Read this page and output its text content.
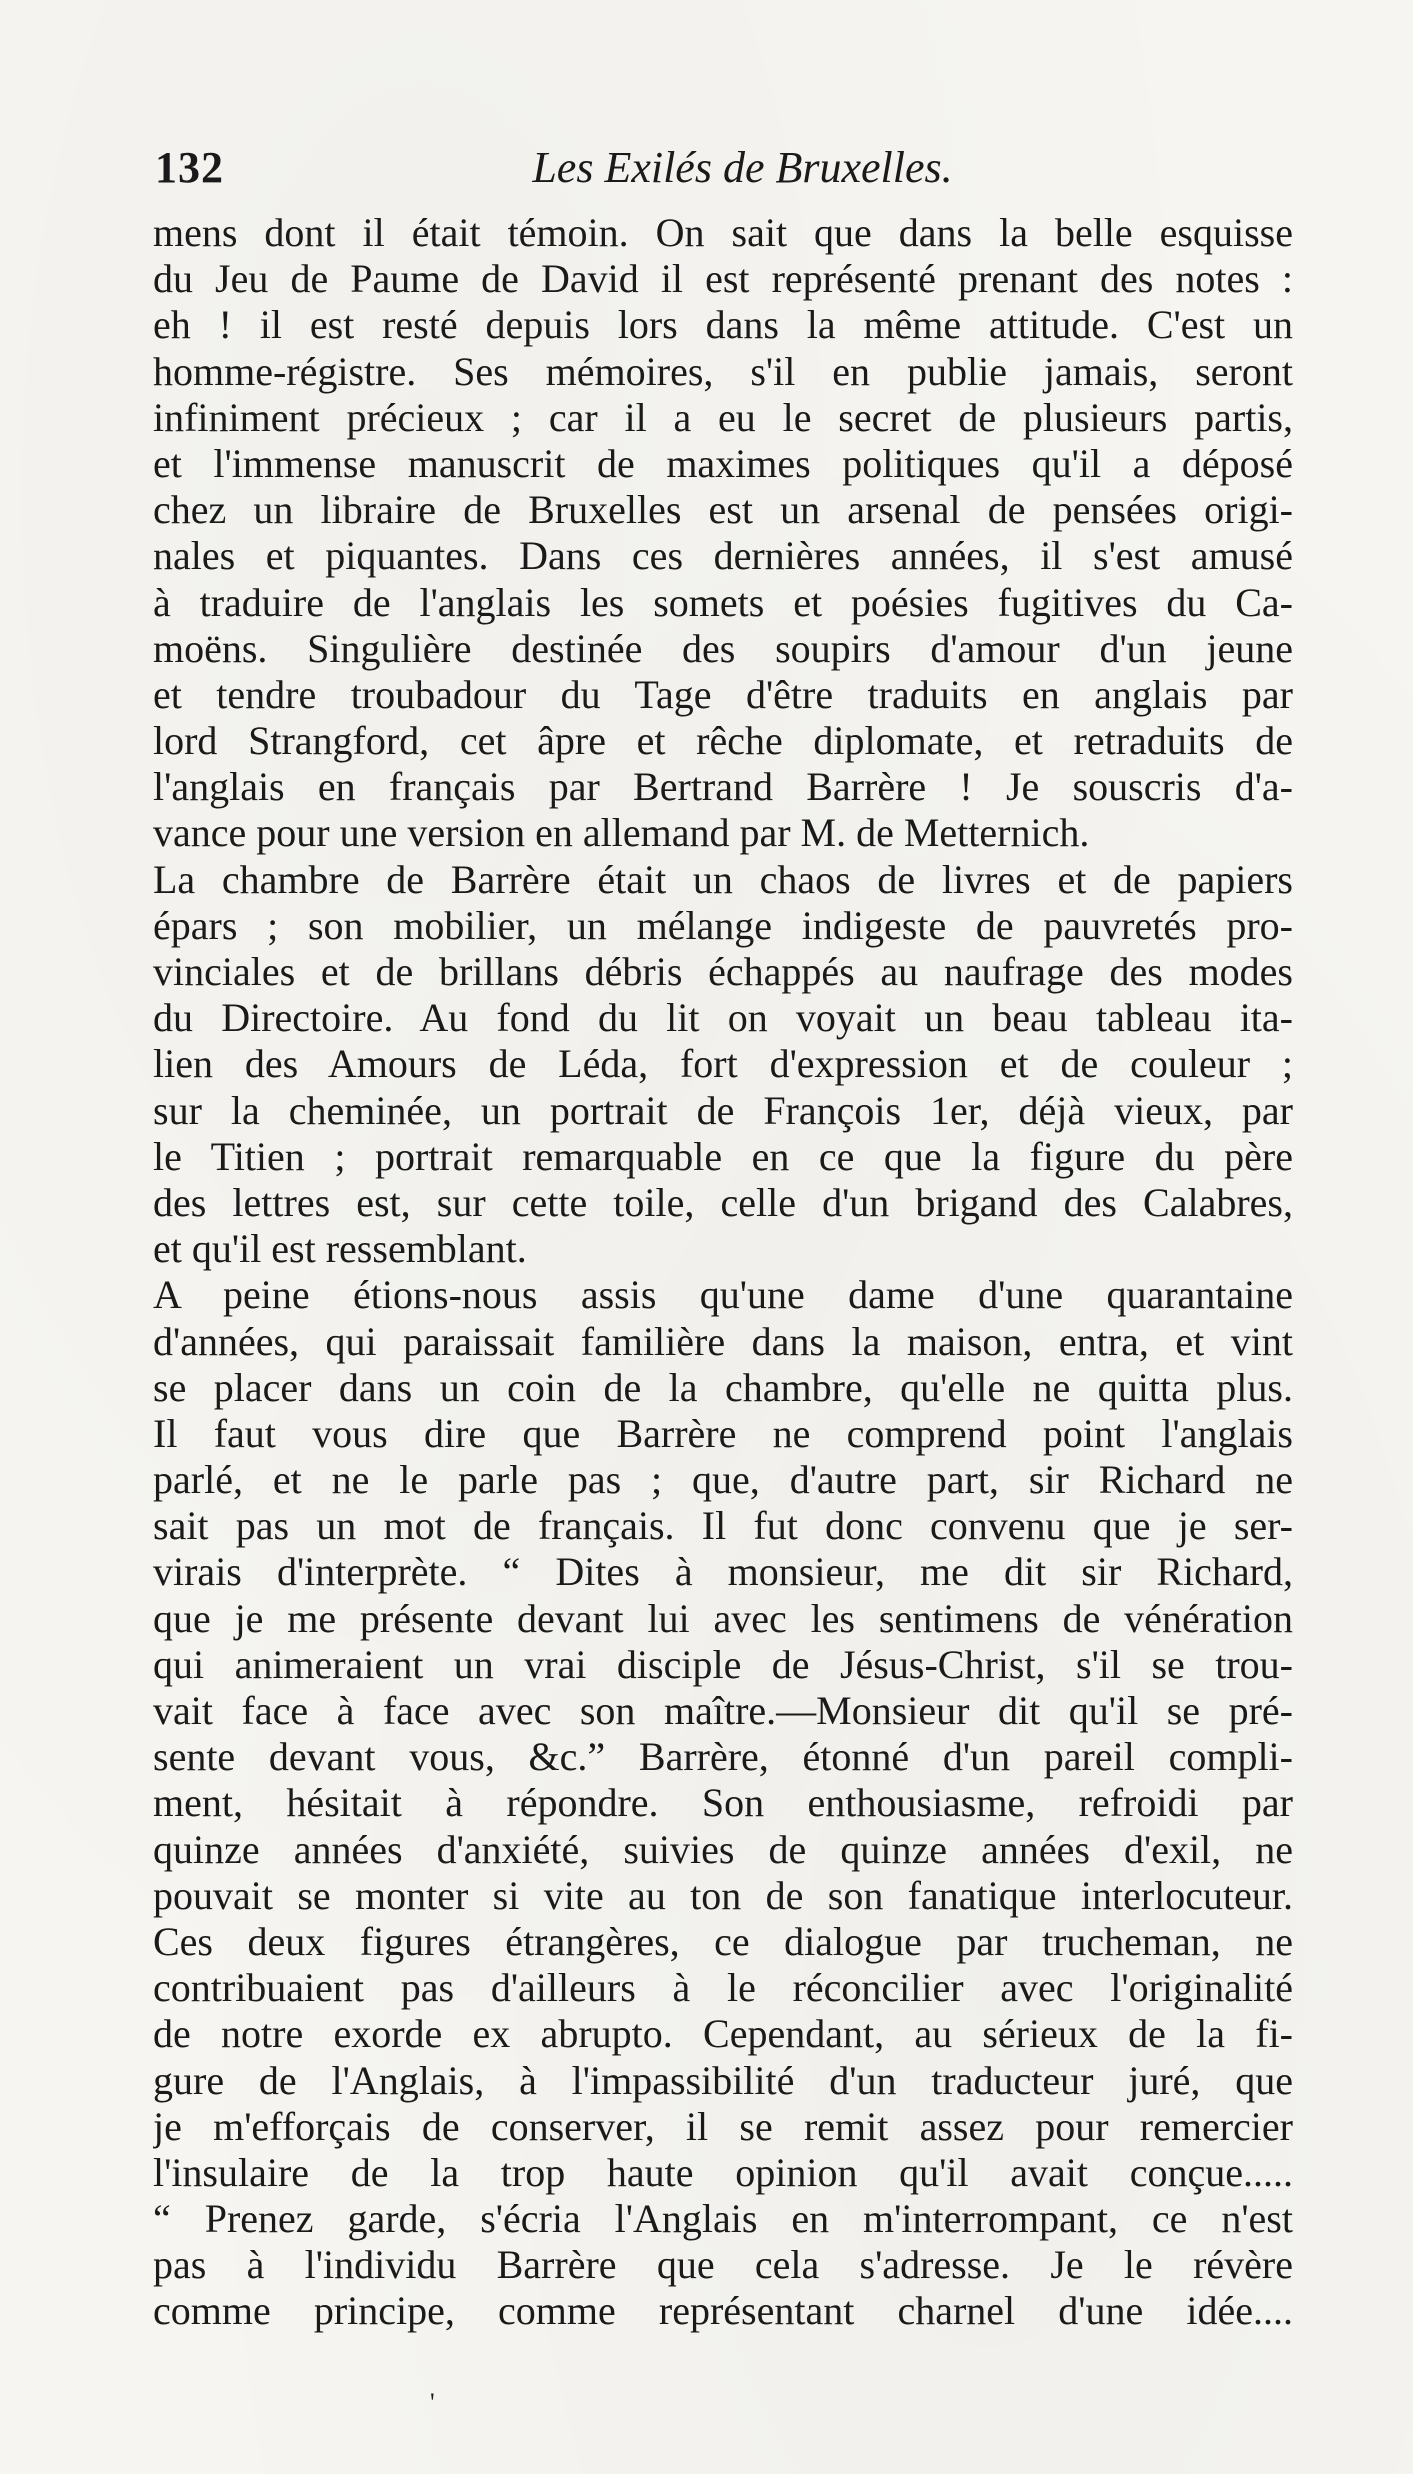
132	Les Exilés de Bruxelles.
mens dont il était témoin. On sait que dans la belle esquisse
du Jeu de Paume de David il est représenté prenant des notes :
eh ! il est resté depuis lors dans la même attitude. C'est un
homme-régistre. Ses mémoires, s'il en publie jamais, seront
infiniment précieux ; car il a eu le secret de plusieurs partis,
et l'immense manuscrit de maximes politiques qu'il a déposé
chez un libraire de Bruxelles est un arsenal de pensées origi-
nales et piquantes. Dans ces dernières années, il s'est amusé
à traduire de l'anglais les somets et poésies fugitives du Ca-
moëns. Singulière destinée des soupirs d'amour d'un jeune
et tendre troubadour du Tage d'être traduits en anglais par
lord Strangford, cet âpre et rêche diplomate, et retraduits de
l'anglais en français par Bertrand Barrère ! Je souscris d'a-
vance pour une version en allemand par M. de Metternich.
La chambre de Barrère était un chaos de livres et de papiers
épars ; son mobilier, un mélange indigeste de pauvretés pro-
vinciales et de brillans débris échappés au naufrage des modes
du Directoire. Au fond du lit on voyait un beau tableau ita-
lien des Amours de Léda, fort d'expression et de couleur ;
sur la cheminée, un portrait de François 1er, déjà vieux, par
le Titien ; portrait remarquable en ce que la figure du père
des lettres est, sur cette toile, celle d'un brigand des Calabres,
et qu'il est ressemblant.
A peine étions-nous assis qu'une dame d'une quarantaine
d'années, qui paraissait familière dans la maison, entra, et vint
se placer dans un coin de la chambre, qu'elle ne quitta plus.
Il faut vous dire que Barrère ne comprend point l'anglais
parlé, et ne le parle pas ; que, d'autre part, sir Richard ne
sait pas un mot de français. Il fut donc convenu que je ser-
virais d'interprète. “ Dites à monsieur, me dit sir Richard,
que je me présente devant lui avec les sentimens de vénération
qui animeraient un vrai disciple de Jésus-Christ, s'il se trou-
vait face à face avec son maître.—Monsieur dit qu'il se pré-
sente devant vous, &c.” Barrère, étonné d'un pareil compli-
ment, hésitait à répondre. Son enthousiasme, refroidi par
quinze années d'anxiété, suivies de quinze années d'exil, ne
pouvait se monter si vite au ton de son fanatique interlocuteur.
Ces deux figures étrangères, ce dialogue par trucheman, ne
contribuaient pas d'ailleurs à le réconcilier avec l'originalité
de notre exorde ex abrupto. Cependant, au sérieux de la fi-
gure de l'Anglais, à l'impassibilité d'un traducteur juré, que
je m'efforçais de conserver, il se remit assez pour remercier
l'insulaire de la trop haute opinion qu'il avait conçue.....
“ Prenez garde, s'écria l'Anglais en m'interrompant, ce n'est
pas à l'individu Barrère que cela s'adresse. Je le révère
comme principe, comme représentant charnel d'une idée....
'
